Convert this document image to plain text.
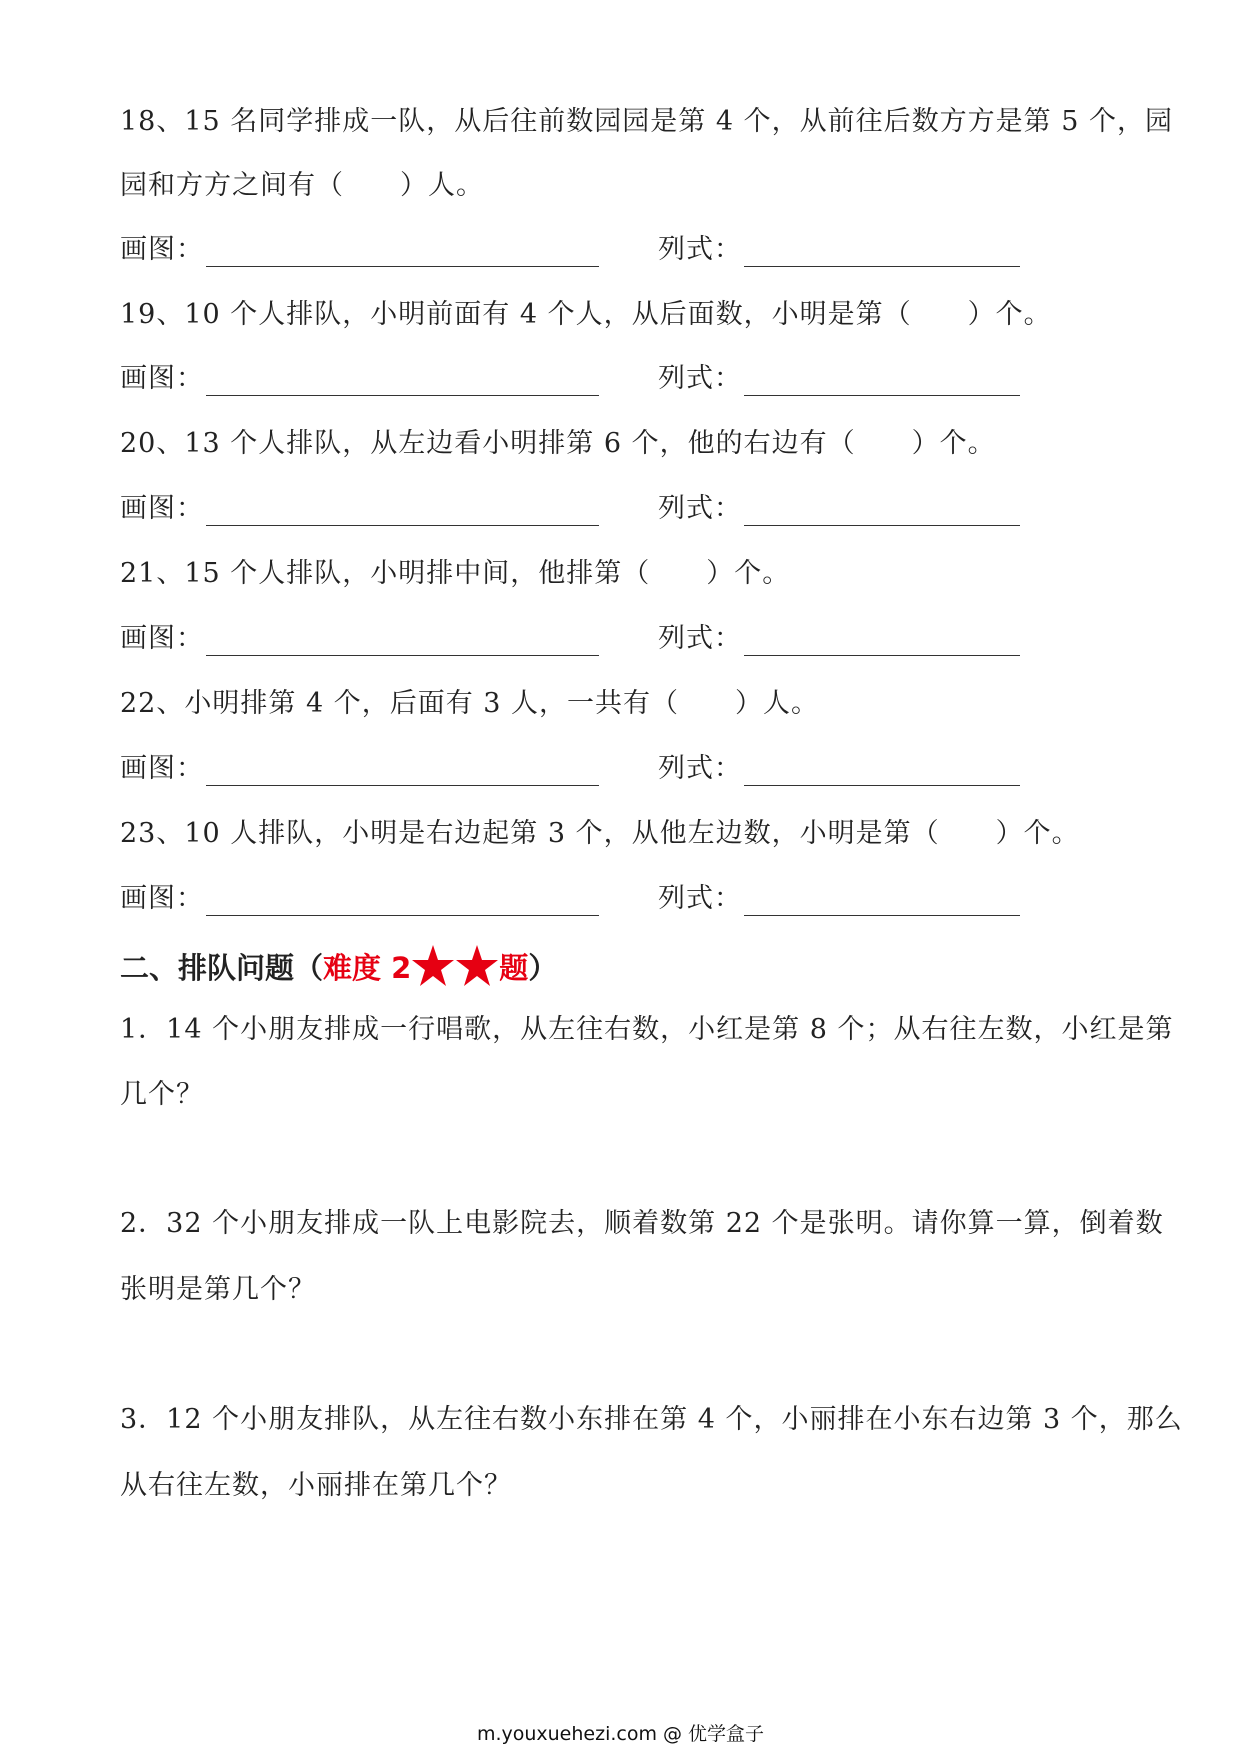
18、15 名同学排成一队，从后往前数园园是第 4 个，从前往后数方方是第 5 个，园
园和方方之间有（　　）人。
画图：	列式：
19、10 个人排队，小明前面有 4 个人，从后面数，小明是第（　　）个。
画图：	列式：
20、13 个人排队，从左边看小明排第 6 个，他的右边有（　　）个。
画图：	列式：
21、15 个人排队，小明排中间，他排第（　　）个。
画图：	列式：
22、小明排第 4 个，后面有 3 人，一共有（　　）人。
画图：	列式：
23、10 人排队，小明是右边起第 3 个，从他左边数，小明是第（　　）个。
画图：	列式：
二、排队问题（难度 2	题）
1．14 个小朋友排成一行唱歌，从左往右数，小红是第 8 个；从右往左数，小红是第
几个？
2．32 个小朋友排成一队上电影院去，顺着数第 22 个是张明。请你算一算，倒着数
张明是第几个？
3．12 个小朋友排队，从左往右数小东排在第 4 个，小丽排在小东右边第 3 个，那么
从右往左数，小丽排在第几个？
m.youxuehezi.com @ 优学盒子
